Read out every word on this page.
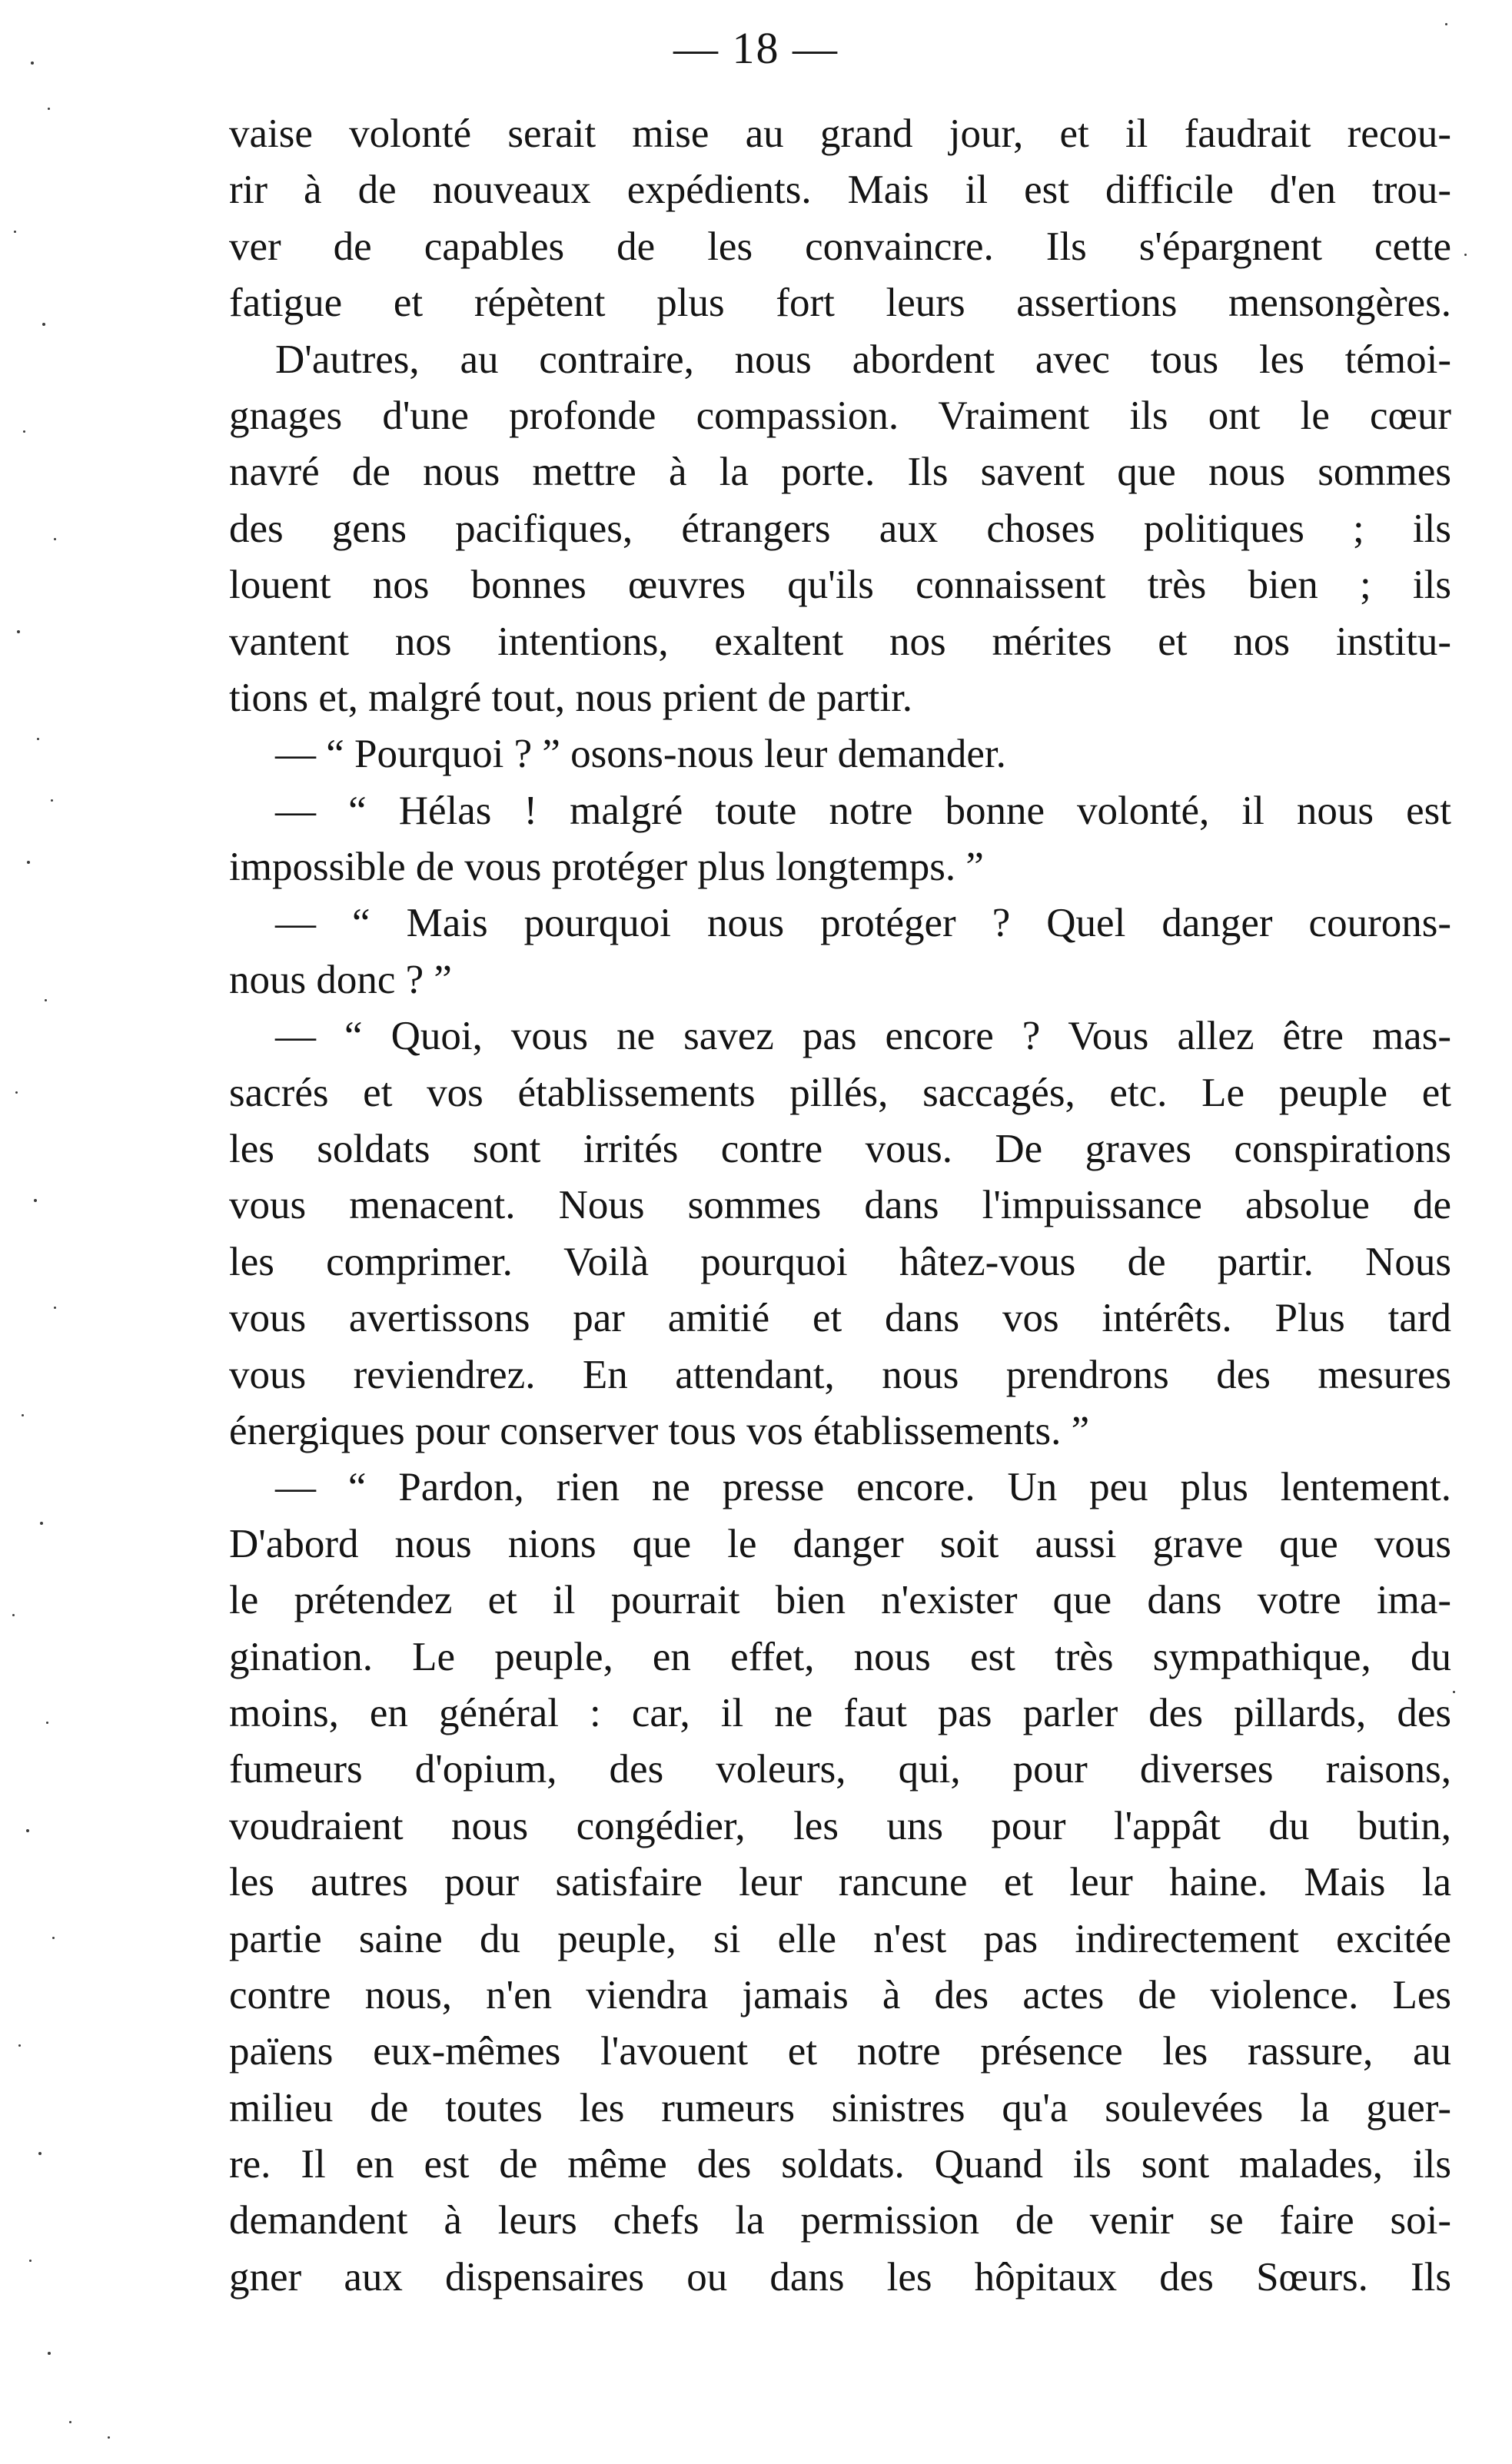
— 18 —
vaise volonté serait mise au grand jour, et il faudrait recou-
rir à de nouveaux expédients. Mais il est difficile d'en trou-
ver de capables de les convaincre. Ils s'épargnent cette
fatigue et répètent plus fort leurs assertions mensongères.
D'autres, au contraire, nous abordent avec tous les témoi-
gnages d'une profonde compassion. Vraiment ils ont le cœur
navré de nous mettre à la porte. Ils savent que nous sommes
des gens pacifiques, étrangers aux choses politiques ; ils
louent nos bonnes œuvres qu'ils connaissent très bien ; ils
vantent nos intentions, exaltent nos mérites et nos institu-
tions et, malgré tout, nous prient de partir.
— “ Pourquoi ? ” osons-nous leur demander.
— “ Hélas ! malgré toute notre bonne volonté, il nous est
impossible de vous protéger plus longtemps. ”
— “ Mais pourquoi nous protéger ? Quel danger courons-
nous donc ? ”
— “ Quoi, vous ne savez pas encore ? Vous allez être mas-
sacrés et vos établissements pillés, saccagés, etc. Le peuple et
les soldats sont irrités contre vous. De graves conspirations
vous menacent. Nous sommes dans l'impuissance absolue de
les comprimer. Voilà pourquoi hâtez-vous de partir. Nous
vous avertissons par amitié et dans vos intérêts. Plus tard
vous reviendrez. En attendant, nous prendrons des mesures
énergiques pour conserver tous vos établissements. ”
— “ Pardon, rien ne presse encore. Un peu plus lentement.
D'abord nous nions que le danger soit aussi grave que vous
le prétendez et il pourrait bien n'exister que dans votre ima-
gination. Le peuple, en effet, nous est très sympathique, du
moins, en général : car, il ne faut pas parler des pillards, des
fumeurs d'opium, des voleurs, qui, pour diverses raisons,
voudraient nous congédier, les uns pour l'appât du butin,
les autres pour satisfaire leur rancune et leur haine. Mais la
partie saine du peuple, si elle n'est pas indirectement excitée
contre nous, n'en viendra jamais à des actes de violence. Les
païens eux-mêmes l'avouent et notre présence les rassure, au
milieu de toutes les rumeurs sinistres qu'a soulevées la guer-
re. Il en est de même des soldats. Quand ils sont malades, ils
demandent à leurs chefs la permission de venir se faire soi-
gner aux dispensaires ou dans les hôpitaux des Sœurs. Ils
